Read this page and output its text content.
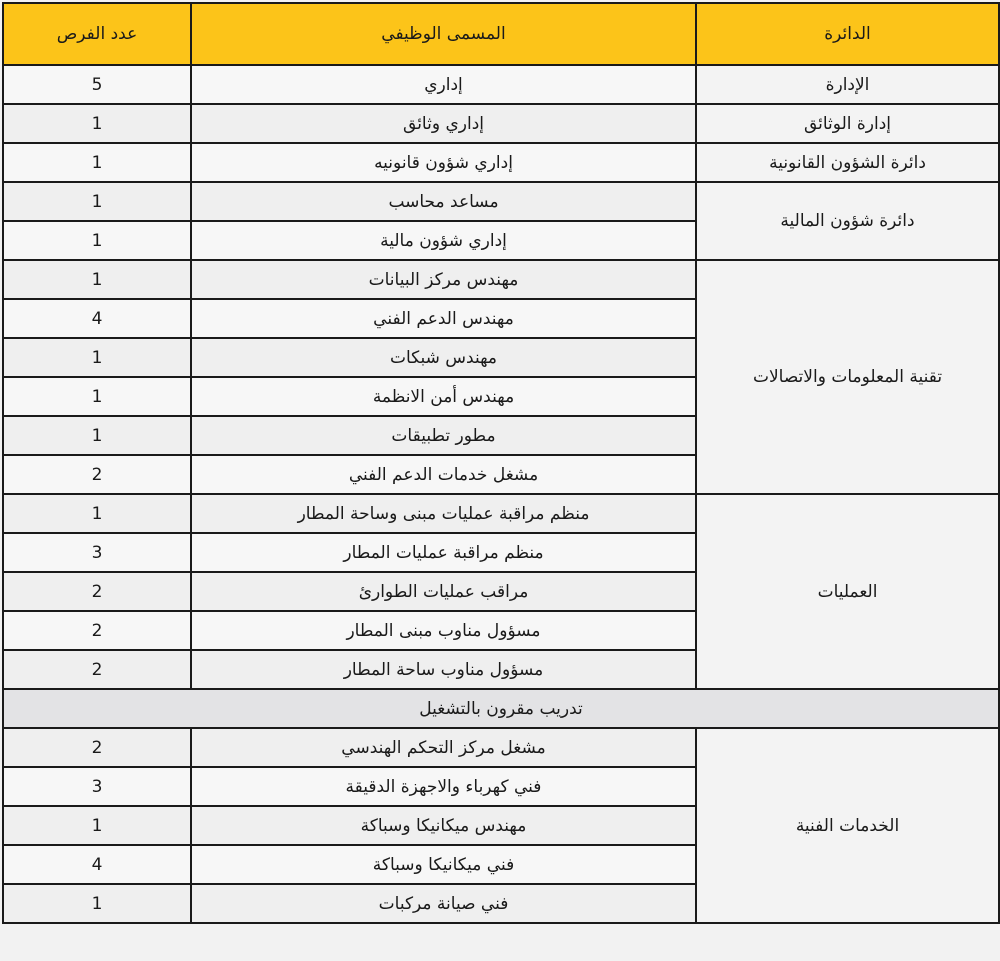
عدد الفرص	المسمى الوظيفي	الدائرة
5	إداري	الإدارة
1	إداري وثائق	إدارة الوثائق
1	إداري شؤون قانونيه	دائرة الشؤون القانونية
1	مساعد محاسب	دائرة شؤون المالية
1	إداري شؤون مالية	
1	مهندس مركز البيانات	تقنية المعلومات والاتصالات
4	مهندس الدعم الفني	
1	مهندس شبكات	
1	مهندس أمن الانظمة	
1	مطور تطبيقات	
2	مشغل خدمات الدعم الفني	
1	منظم مراقبة عمليات مبنى وساحة المطار	العمليات
3	منظم مراقبة عمليات المطار	
2	مراقب عمليات الطوارئ	
2	مسؤول مناوب مبنى المطار	
2	مسؤول مناوب ساحة المطار	
تدريب مقرون بالتشغيل		
2	مشغل مركز التحكم الهندسي	الخدمات الفنية
3	فني كهرباء والاجهزة الدقيقة	
1	مهندس ميكانيكا وسباكة	
4	فني ميكانيكا وسباكة	
1	فني صيانة مركبات	
